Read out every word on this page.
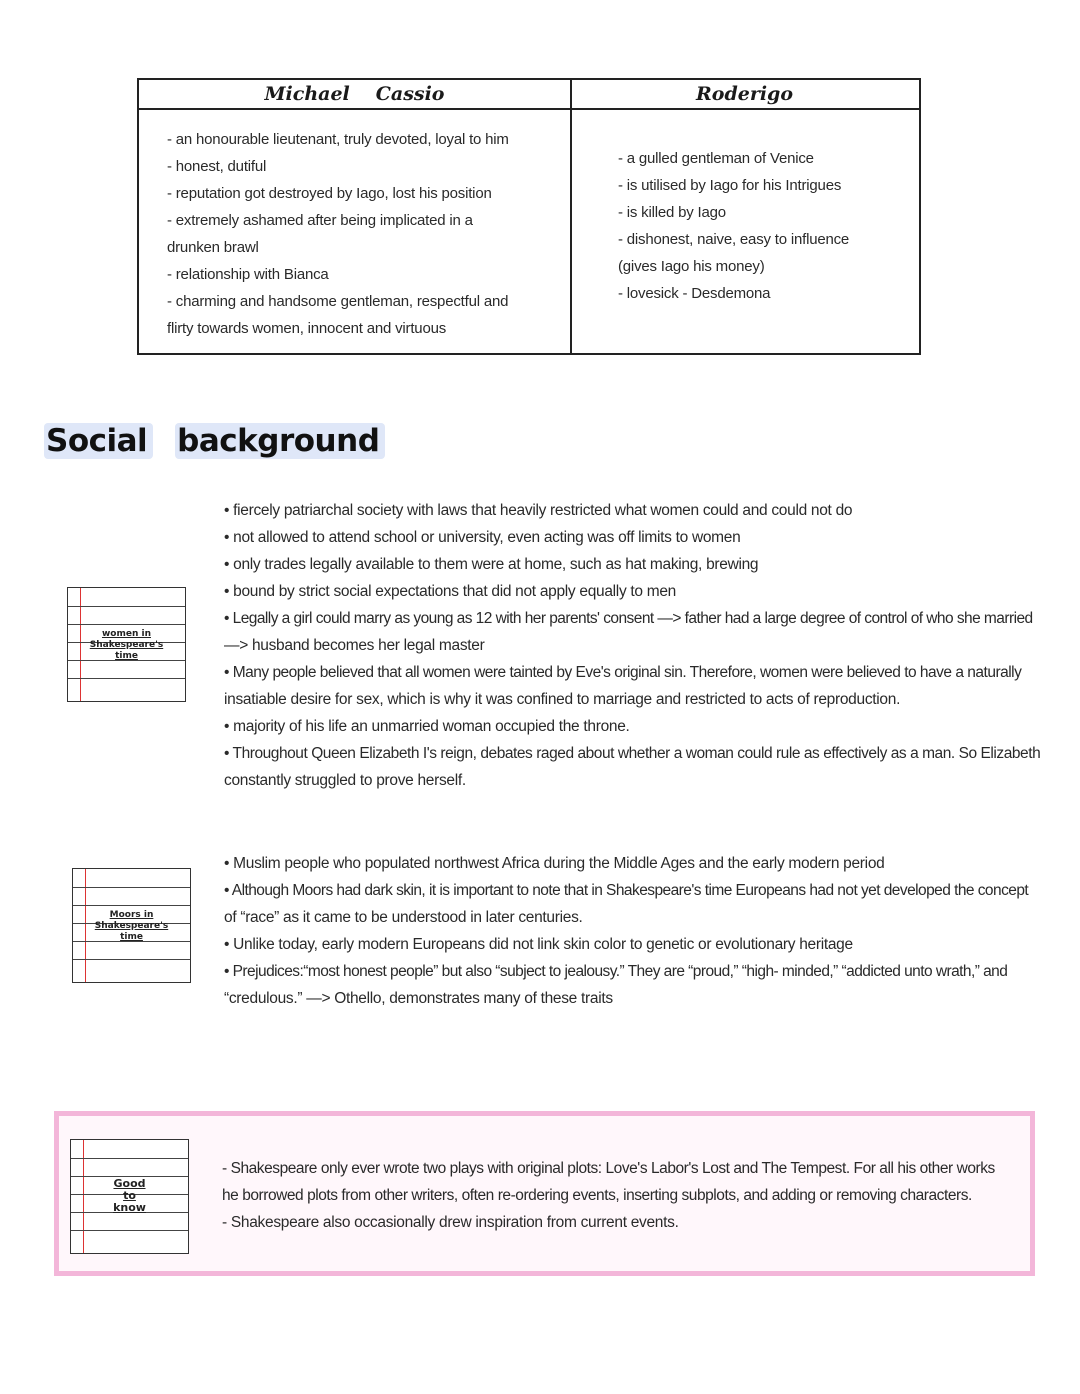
Michael Cassio
- an honourable lieutenant, truly devoted, loyal to him
- honest, dutiful
- reputation got destroyed by Iago, lost his position
- extremely ashamed after being implicated in a
drunken brawl
- relationship with Bianca
- charming and handsome gentleman, respectful and
flirty towards women, innocent and virtuous
Roderigo
- a gulled gentleman of Venice
- is utilised by Iago for his Intrigues
- is killed by Iago
- dishonest, naive, easy to influence
(gives Iago his money)
- lovesick - Desdemona
Social background
women in
Shakespeare's
time
• fiercely patriarchal society with laws that heavily restricted what women could and could not do
• not allowed to attend school or university, even acting was off limits to women
• only trades legally available to them were at home, such as hat making, brewing
• bound by strict social expectations that did not apply equally to men
• Legally a girl could marry as young as 12 with her parents' consent —> father had a large degree of control of who she married
—> husband becomes her legal master
• Many people believed that all women were tainted by Eve's original sin. Therefore, women were believed to have a naturally
insatiable desire for sex, which is why it was confined to marriage and restricted to acts of reproduction.
• majority of his life an unmarried woman occupied the throne.
• Throughout Queen Elizabeth I's reign, debates raged about whether a woman could rule as effectively as a man. So Elizabeth
constantly struggled to prove herself.
Moors in
Shakespeare's
time
• Muslim people who populated northwest Africa during the Middle Ages and the early modern period
• Although Moors had dark skin, it is important to note that in Shakespeare's time Europeans had not yet developed the concept
of “race” as it came to be understood in later centuries.
• Unlike today, early modern Europeans did not link skin color to genetic or evolutionary heritage
• Prejudices:“most honest people” but also “subject to jealousy.” They are “proud,” “high- minded,” “addicted unto wrath,” and
“credulous.” —> Othello, demonstrates many of these traits
Good
to
know
- Shakespeare only ever wrote two plays with original plots: Love's Labor's Lost and The Tempest. For all his other works
he borrowed plots from other writers, often re-ordering events, inserting subplots, and adding or removing characters.
- Shakespeare also occasionally drew inspiration from current events.
